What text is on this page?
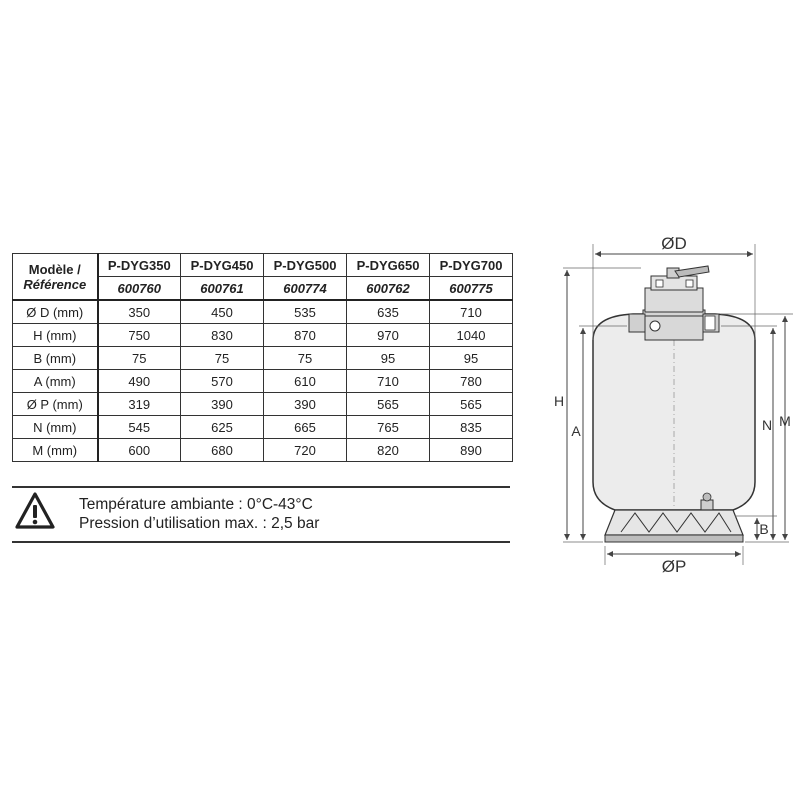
Modèle /
Référence	P-DYG350	P-DYG450	P-DYG500	P-DYG650	P-DYG700
	600760	600761	600774	600762	600775
Ø D (mm)	350	450	535	635	710
H (mm)	750	830	870	970	1040
B (mm)	75	75	75	95	95
A (mm)	490	570	610	710	780
Ø P (mm)	319	390	390	565	565
N (mm)	545	625	665	765	835
M (mm)	600	680	720	820	890
Température ambiante : 0°C-43°C
Pression d’utilisation max. : 2,5 bar
ØD
ØP
H
A	N M
B
